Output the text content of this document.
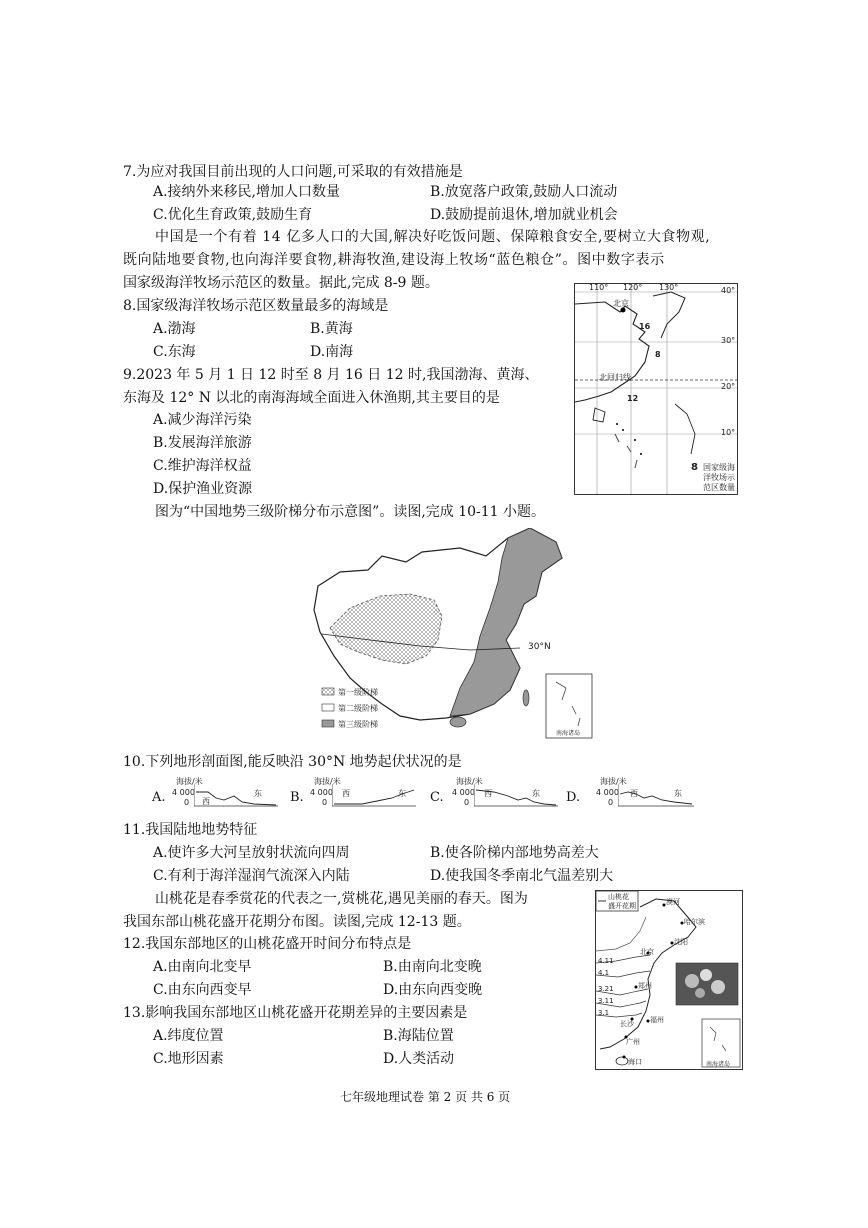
7.为应对我国目前出现的人口问题,可采取的有效措施是
A.接纳外来移民,增加人口数量	B.放宽落户政策,鼓励人口流动
C.优化生育政策,鼓励生育	D.鼓励提前退休,增加就业机会
中国是一个有着 14 亿多人口的大国,解决好吃饭问题、保障粮食安全,要树立大食物观,
既向陆地要食物,也向海洋要食物,耕海牧渔,建设海上牧场“蓝色粮仓”。图中数字表示
国家级海洋牧场示范区的数量。据此,完成 8-9 题。
8.国家级海洋牧场示范区数量最多的海域是
A.渤海	B.黄海
C.东海	D.南海
9.2023 年 5 月 1 日 12 时至 8 月 16 日 12 时,我国渤海、黄海、
东海及 12° N 以北的南海海域全面进入休渔期,其主要目的是
A.减少海洋污染
B.发展海洋旅游
C.维护海洋权益
D.保护渔业资源
110° 120° 130°	40°
30°
20°
10°
北京
北回归线
16
8
12
8 国家级海
洋牧场示
范区数量
图为“中国地势三级阶梯分布示意图”。读图,完成 10-11 小题。
30°N
第一级阶梯
第二级阶梯
第三级阶梯
南海诸岛
10.下列地形剖面图,能反映沿 30°N 地势起伏状况的是
A.
海拔/米
4 000
0 西
东 B.
海拔/米
4 000
0
西	东 C.
海拔/米
4 000
0
西	东 D.
海拔/米
4 000
0
西	东
11.我国陆地地势特征
A.使许多大河呈放射状流向四周	B.使各阶梯内部地势高差大
C.有利于海洋湿润气流深入内陆	D.使我国冬季南北气温差别大
山桃花是春季赏花的代表之一,赏桃花,遇见美丽的春天。图为
我国东部山桃花盛开花期分布图。读图,完成 12-13 题。
12.我国东部地区的山桃花盛开时间分布特点是
A.由南向北变早	B.由南向北变晚
C.由东向西变早	D.由东向西变晚
13.影响我国东部地区山桃花盛开花期差异的主要因素是
A.纬度位置	B.海陆位置
C.地形因素	D.人类活动
山桃花
盛开花期	漠河
哈尔滨
沈阳
北京
郑州
长沙 福州
广州
海口
4.11
4.1
3.21
3.11
3.1
南海诸岛
七年级地理试卷 第 2 页 共 6 页
